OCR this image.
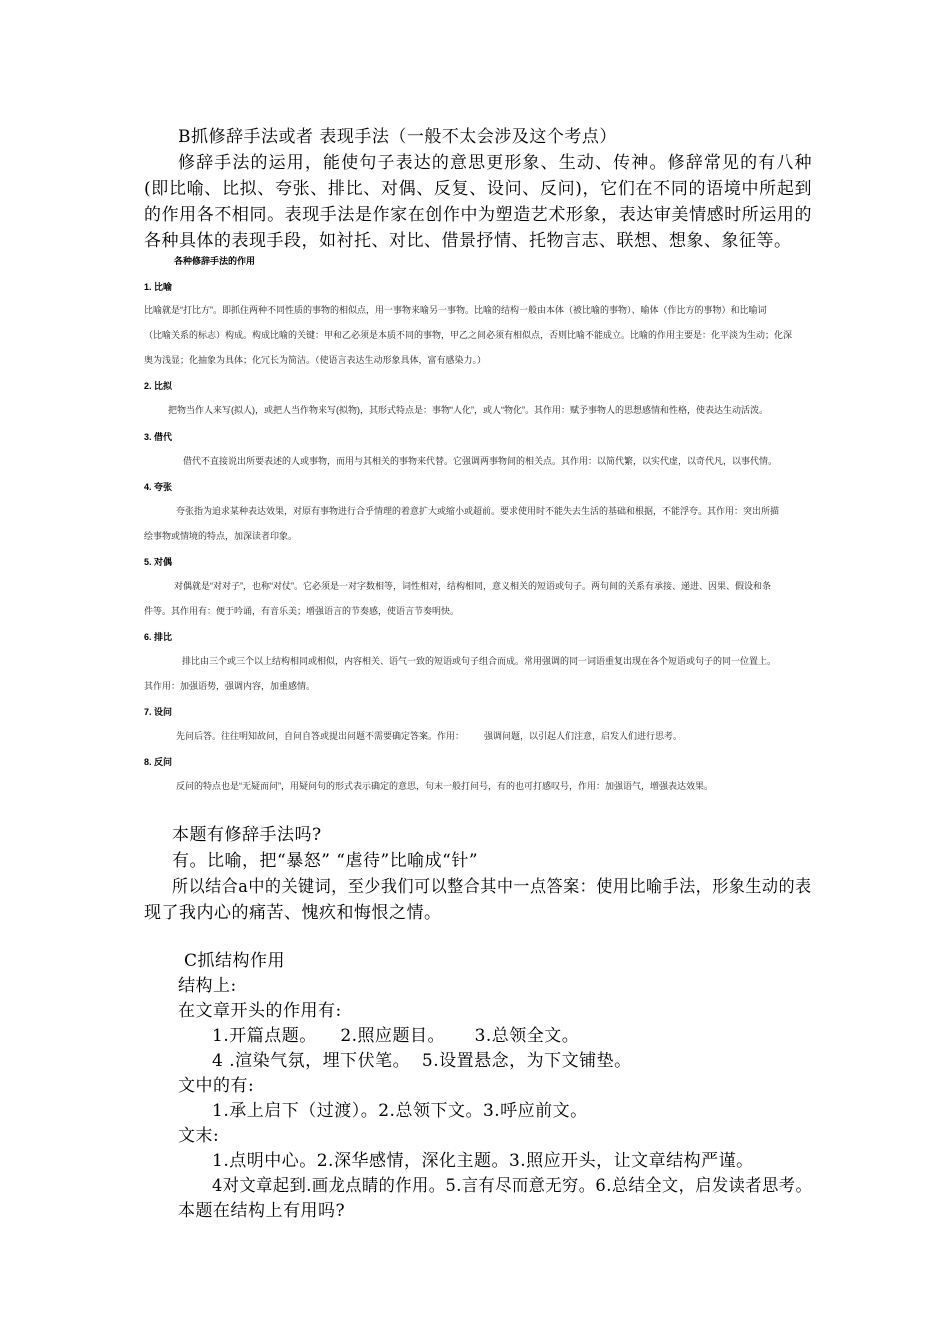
B抓修辞手法或者 表现手法（一般不太会涉及这个考点）
修辞手法的运用，能使句子表达的意思更形象、生动、传神。修辞常见的有八种(即比喻、比拟、夸张、排比、对偶、反复、设问、反问)，它们在不同的语境中所起到的作用各不相同。表现手法是作家在创作中为塑造艺术形象，表达审美情感时所运用的各种具体的表现手段，如衬托、对比、借景抒情、托物言志、联想、想象、象征等。
各种修辞手法的作用
1. 比喻
比喻就是“打比方”。即抓住两种不同性质的事物的相似点，用一事物来喻另一事物。比喻的结构一般由本体（被比喻的事物）、喻体（作比方的事物）和比喻词
（比喻关系的标志）构成。构成比喻的关键：甲和乙必须是本质不同的事物，甲乙之间必须有相似点，否则比喻不能成立。比喻的作用主要是：化平淡为生动；化深
奥为浅显；化抽象为具体；化冗长为简洁。（使语言表达生动形象具体，富有感染力。）
2. 比拟
把物当作人来写(拟人)，或把人当作物来写(拟物)，其形式特点是：事物“人化”，或人“物化”。其作用：赋予事物人的思想感情和性格，使表达生动活泼。
3. 借代
借代不直接说出所要表述的人或事物，而用与其相关的事物来代替。它强调两事物间的相关点。其作用：以简代繁，以实代虚，以奇代凡，以事代情。
4. 夸张
夸张指为追求某种表达效果，对原有事物进行合乎情理的着意扩大或缩小或超前。要求使用时不能失去生活的基础和根据，不能浮夸。其作用：突出所描
绘事物或情境的特点，加深读者印象。
5. 对偶
对偶就是“对对子”，也称“对仗”。它必须是一对字数相等，词性相对，结构相同，意义相关的短语或句子。两句间的关系有承接、递进、因果、假设和条
件等。其作用有：便于吟诵，有音乐美；增强语言的节奏感，使语言节奏明快。
6. 排比
排比由三个或三个以上结构相同或相似，内容相关、语气一致的短语或句子组合而成。常用强调的同一词语重复出现在各个短语或句子的同一位置上。
其作用：加强语势，强调内容，加重感情。
7. 设问
先问后答。往往明知故问，自问自答或提出问题不需要确定答案。作用：        强调问题，以引起人们注意，启发人们进行思考。
8. 反问
反问的特点也是“无疑而问”，用疑问句的形式表示确定的意思，句末一般打问号，有的也可打感叹号，作用：加强语气，增强表达效果。
本题有修辞手法吗?
有。比喻，把“暴怒” “虐待”比喻成“针”
所以结合a中的关键词，至少我们可以整合其中一点答案：使用比喻手法，形象生动的表
现了我内心的痛苦、愧疚和悔恨之情。
C抓结构作用
结构上:
在文章开头的作用有:
1.开篇点题。    2.照应题目。     3.总领全文。
4 .渲染气氛，埋下伏笔。  5.设置悬念，为下文铺垫。
文中的有:
1.承上启下（过渡）。2.总领下文。3.呼应前文。
文末:
1.点明中心。2.深华感情，深化主题。3.照应开头，让文章结构严谨。
4对文章起到.画龙点睛的作用。5.言有尽而意无穷。6.总结全文，启发读者思考。
本题在结构上有用吗?
